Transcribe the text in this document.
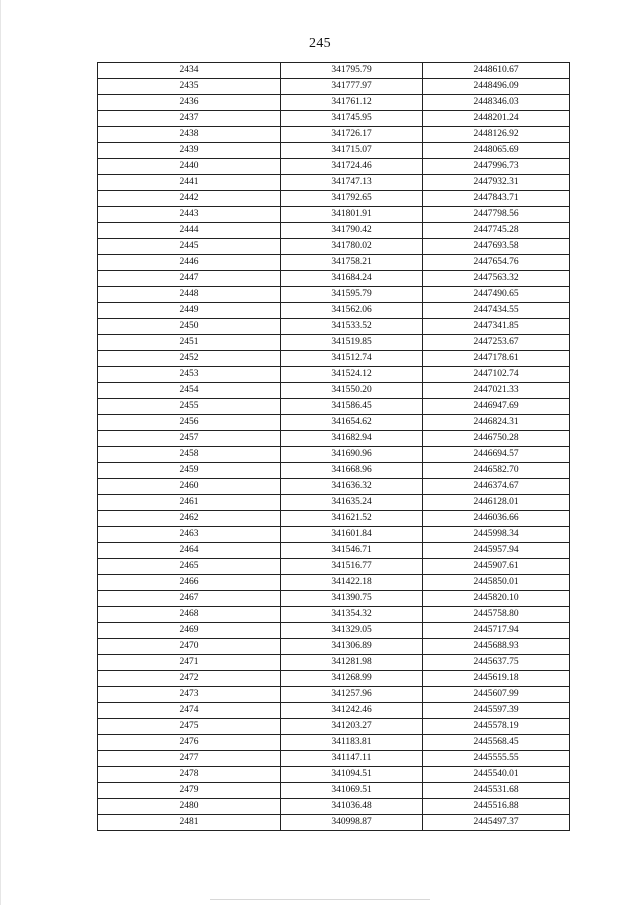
245
2434	341795.79	2448610.67
2435	341777.97	2448496.09
2436	341761.12	2448346.03
2437	341745.95	2448201.24
2438	341726.17	2448126.92
2439	341715.07	2448065.69
2440	341724.46	2447996.73
2441	341747.13	2447932.31
2442	341792.65	2447843.71
2443	341801.91	2447798.56
2444	341790.42	2447745.28
2445	341780.02	2447693.58
2446	341758.21	2447654.76
2447	341684.24	2447563.32
2448	341595.79	2447490.65
2449	341562.06	2447434.55
2450	341533.52	2447341.85
2451	341519.85	2447253.67
2452	341512.74	2447178.61
2453	341524.12	2447102.74
2454	341550.20	2447021.33
2455	341586.45	2446947.69
2456	341654.62	2446824.31
2457	341682.94	2446750.28
2458	341690.96	2446694.57
2459	341668.96	2446582.70
2460	341636.32	2446374.67
2461	341635.24	2446128.01
2462	341621.52	2446036.66
2463	341601.84	2445998.34
2464	341546.71	2445957.94
2465	341516.77	2445907.61
2466	341422.18	2445850.01
2467	341390.75	2445820.10
2468	341354.32	2445758.80
2469	341329.05	2445717.94
2470	341306.89	2445688.93
2471	341281.98	2445637.75
2472	341268.99	2445619.18
2473	341257.96	2445607.99
2474	341242.46	2445597.39
2475	341203.27	2445578.19
2476	341183.81	2445568.45
2477	341147.11	2445555.55
2478	341094.51	2445540.01
2479	341069.51	2445531.68
2480	341036.48	2445516.88
2481	340998.87	2445497.37
